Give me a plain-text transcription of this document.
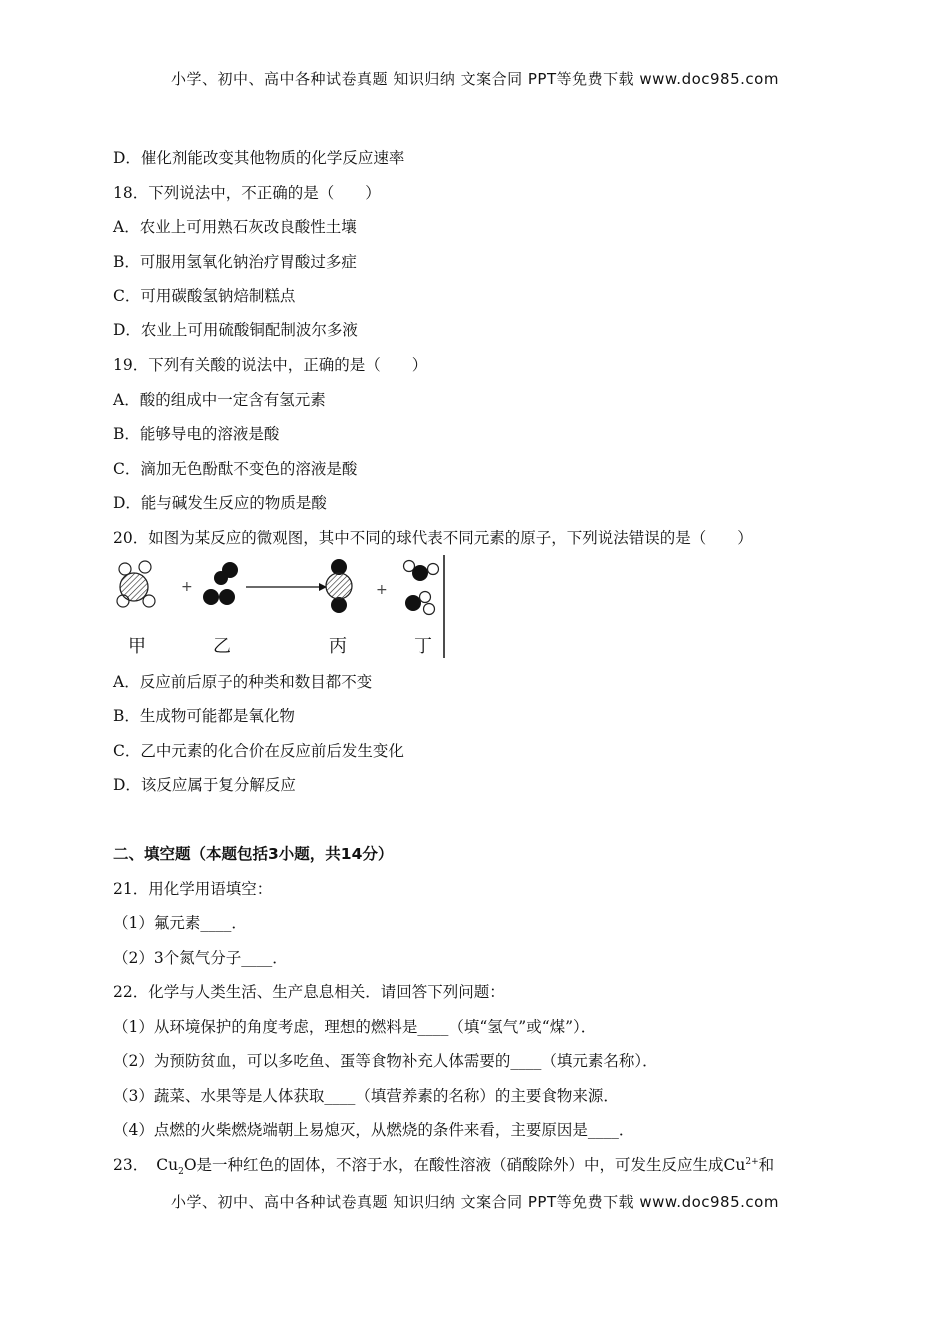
小学、初中、高中各种试卷真题 知识归纳 文案合同 PPT等免费下载 www.doc985.com
D．催化剂能改变其他物质的化学反应速率
18．下列说法中，不正确的是（　　）
A．农业上可用熟石灰改良酸性土壤
B．可服用氢氧化钠治疗胃酸过多症
C．可用碳酸氢钠焙制糕点
D．农业上可用硫酸铜配制波尔多液
19．下列有关酸的说法中，正确的是（　　）
A．酸的组成中一定含有氢元素
B．能够导电的溶液是酸
C．滴加无色酚酞不变色的溶液是酸
D．能与碱发生反应的物质是酸
20．如图为某反应的微观图，其中不同的球代表不同元素的原子，下列说法错误的是（　　）
+	+
甲	乙	丙	丁
A．反应前后原子的种类和数目都不变
B．生成物可能都是氧化物
C．乙中元素的化合价在反应前后发生变化
D．该反应属于复分解反应
二、填空题（本题包括3小题，共14分）
21．用化学用语填空：
（1）氟元素____．
（2）3个氮气分子____．
22．化学与人类生活、生产息息相关．请回答下列问题：
（1）从环境保护的角度考虑，理想的燃料是____（填“氢气”或“煤”）．
（2）为预防贫血，可以多吃鱼、蛋等食物补充人体需要的____（填元素名称）．
（3）蔬菜、水果等是人体获取____（填营养素的名称）的主要食物来源．
（4）点燃的火柴燃烧端朝上易熄灭，从燃烧的条件来看，主要原因是____．
23． $Cu_2O$是一种红色的固体，不溶于水，在酸性溶液（硝酸除外）中，可发生反应生成$Cu^{2+}$和
小学、初中、高中各种试卷真题 知识归纳 文案合同 PPT等免费下载 www.doc985.com
